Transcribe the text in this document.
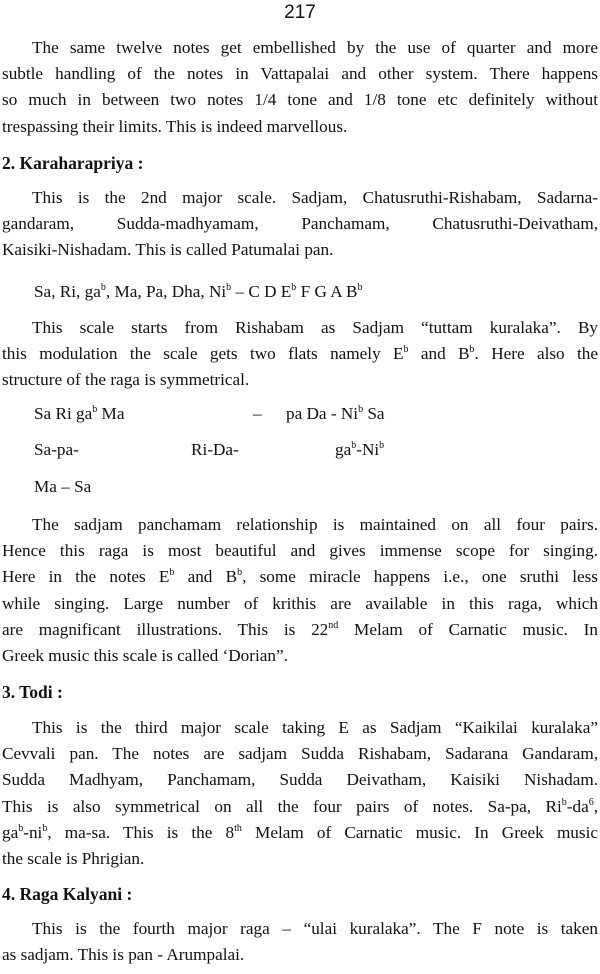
217
The same twelve notes get embellished by the use of quarter and more
subtle handling of the notes in Vattapalai and other system. There happens
so much in between two notes 1/4 tone and 1/8 tone etc definitely without
trespassing their limits. This is indeed marvellous.
2. Karaharapriya :
This is the 2nd major scale. Sadjam, Chatusruthi-Rishabam, Sadarna-
gandaram, Sudda-madhyamam, Panchamam, Chatusruthi-Deivatham,
Kaisiki-Nishadam. This is called Patumalai pan.
Sa, Ri, $ga^b$, Ma, Pa, Dha, Ni$^b$ – C D $E^b$ F G A $B^b$
This scale starts from Rishabam as Sadjam “tuttam kuralaka”. By
this modulation the scale gets two flats namely $E^b$ and $B^b$. Here also the
structure of the raga is symmetrical.
Sa Ri $ga^b$ Ma	– pa Da - Ni$^b$ Sa
Sa-pa-	Ri-Da-	$ga^b-Ni^b$
Ma – Sa
The sadjam panchamam relationship is maintained on all four pairs.
Hence this raga is most beautiful and gives immense scope for singing.
Here in the notes $E^b$ and $B^b$, some miracle happens i.e., one sruthi less
while singing. Large number of krithis are available in this raga, which
are magnificant illustrations. This is 22nd Melam of Carnatic music. In
Greek music this scale is called ‘Dorian”.
3. Todi :
This is the third major scale taking E as Sadjam “Kaikilai kuralaka”
Cevvali pan. The notes are sadjam Sudda Rishabam, Sadarana Gandaram,
Sudda Madhyam, Panchamam, Sudda Deivatham, Kaisiki Nishadam.
This is also symmetrical on all the four pairs of notes. Sa-pa, $Ri^b-da^6$,
$ga^b-ni^b$, ma-sa. This is the 8th Melam of Carnatic music. In Greek music
the scale is Phrigian.
4. Raga Kalyani :
This is the fourth major raga – “ulai kuralaka”. The F note is taken
as sadjam. This is pan - Arumpalai.
